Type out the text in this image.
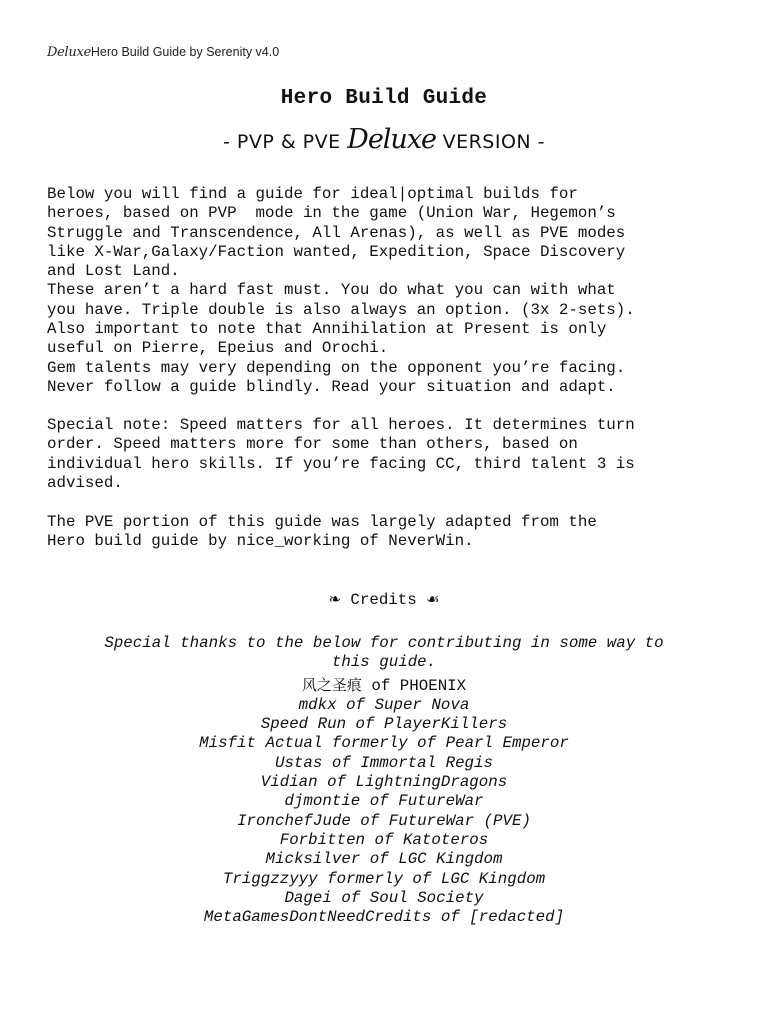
DeluxeHero Build Guide by Serenity v4.0
Hero Build Guide
- PVP & PVE Deluxe VERSION -
Below you will find a guide for ideal|optimal builds for
heroes, based on PVP  mode in the game (Union War, Hegemon’s
Struggle and Transcendence, All Arenas), as well as PVE modes
like X-War,Galaxy/Faction wanted, Expedition, Space Discovery
and Lost Land.
These aren’t a hard fast must. You do what you can with what
you have. Triple double is also always an option. (3x 2-sets).
Also important to note that Annihilation at Present is only
useful on Pierre, Epeius and Orochi.
Gem talents may very depending on the opponent you’re facing.
Never follow a guide blindly. Read your situation and adapt.
Special note: Speed matters for all heroes. It determines turn
order. Speed matters more for some than others, based on
individual hero skills. If you’re facing CC, third talent 3 is
advised.
The PVE portion of this guide was largely adapted from the
Hero build guide by nice_working of NeverWin.
❧ Credits ☙
Special thanks to the below for contributing in some way to
this guide.
风之圣痕 of PHOENIX
mdkx of Super Nova
Speed Run of PlayerKillers
Misfit Actual formerly of Pearl Emperor
Ustas of Immortal Regis
Vidian of LightningDragons
djmontie of FutureWar
IronchefJude of FutureWar (PVE)
Forbitten of Katoteros
Micksilver of LGC Kingdom
Triggzzyyy formerly of LGC Kingdom
Dagei of Soul Society
MetaGamesDontNeedCredits of [redacted]
